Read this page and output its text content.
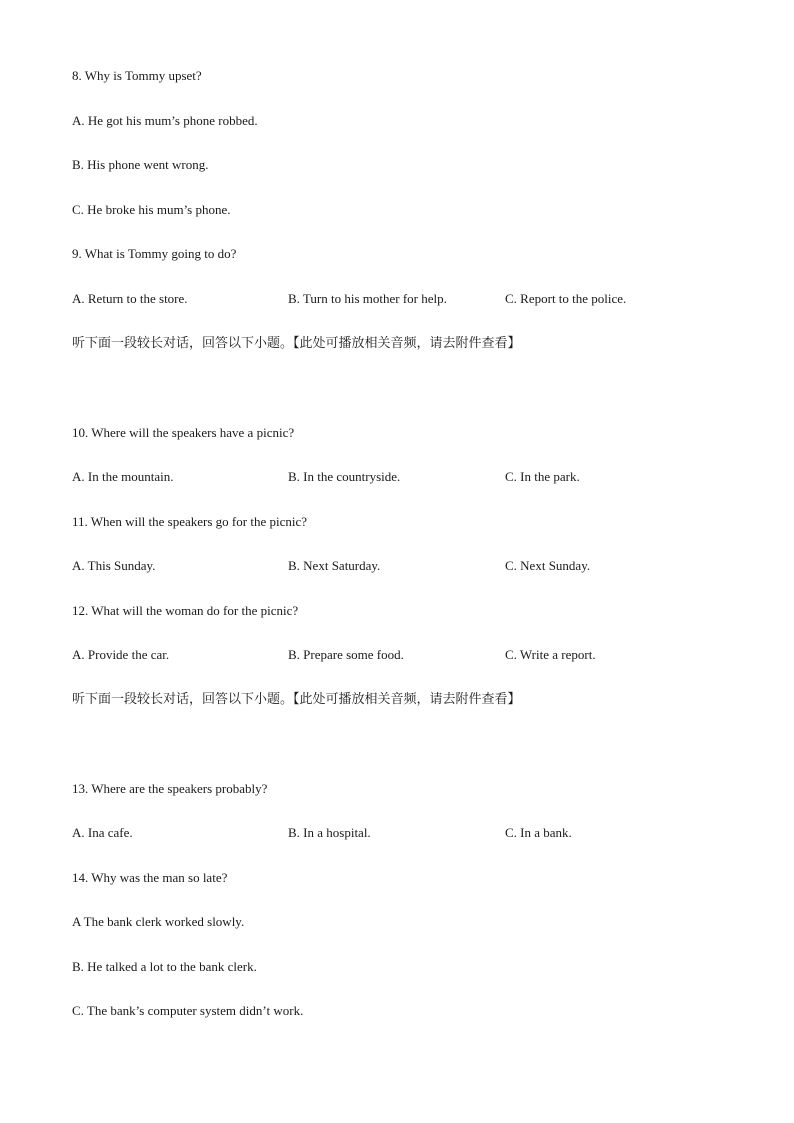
8. Why is Tommy upset?
A. He got his mum’s phone robbed.
B. His phone went wrong.
C. He broke his mum’s phone.
9. What is Tommy going to do?
A. Return to the store.	B. Turn to his mother for help.	C. Report to the police.
听下面一段较长对话，回答以下小题。【此处可播放相关音频，请去附件查看】
10. Where will the speakers have a picnic?
A. In the mountain.	B. In the countryside.	C. In the park.
11. When will the speakers go for the picnic?
A. This Sunday.	B. Next Saturday.	C. Next Sunday.
12. What will the woman do for the picnic?
A. Provide the car.	B. Prepare some food.	C. Write a report.
听下面一段较长对话，回答以下小题。【此处可播放相关音频，请去附件查看】
13. Where are the speakers probably?
A. Ina cafe.	B. In a hospital.	C. In a bank.
14. Why was the man so late?
A The bank clerk worked slowly.
B. He talked a lot to the bank clerk.
C. The bank’s computer system didn’t work.
